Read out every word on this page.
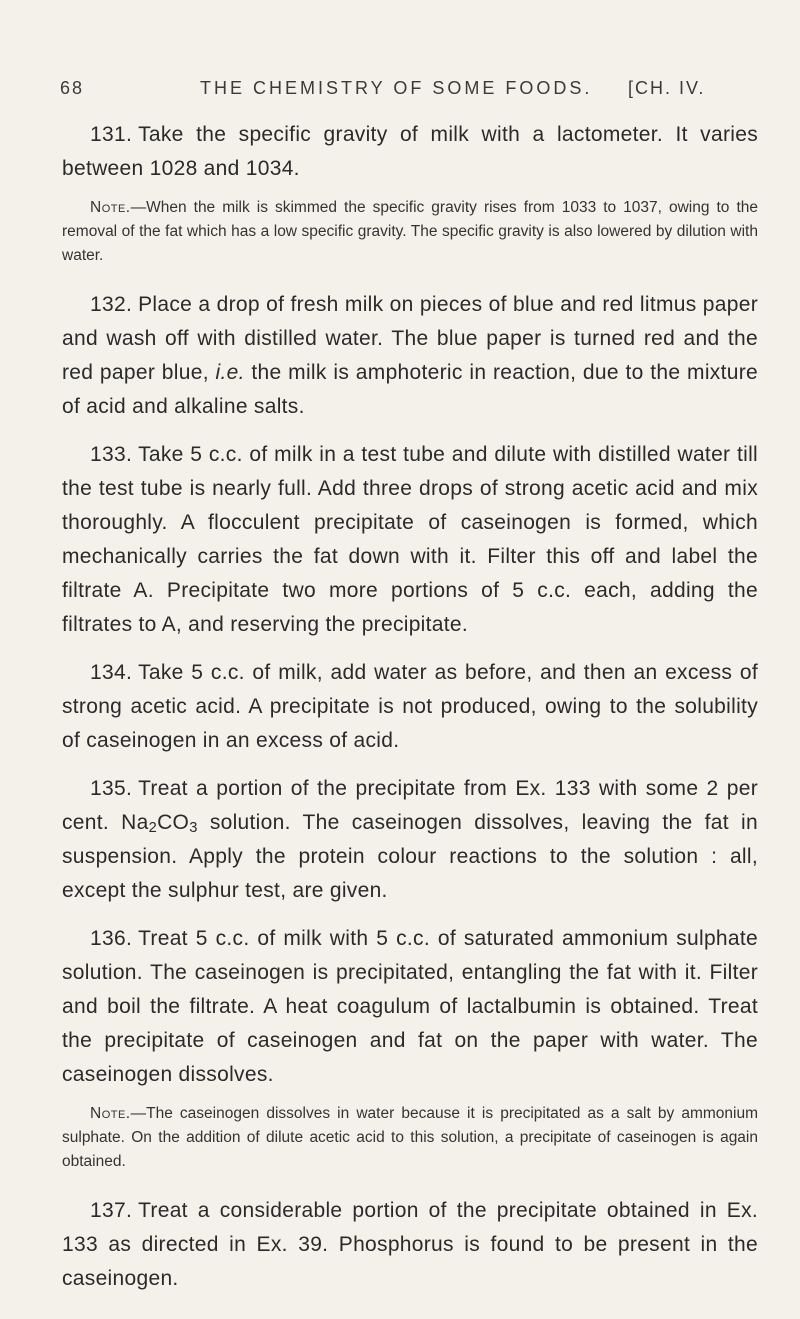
68	THE CHEMISTRY OF SOME FOODS. [CH. IV.

131. Take the specific gravity of milk with a lactometer. It varies between 1028 and 1034.

Note.—When the milk is skimmed the specific gravity rises from 1033 to 1037, owing to the removal of the fat which has a low specific gravity. The specific gravity is also lowered by dilution with water.

132. Place a drop of fresh milk on pieces of blue and red litmus paper and wash off with distilled water. The blue paper is turned red and the red paper blue, i.e. the milk is amphoteric in reaction, due to the mixture of acid and alkaline salts.

133. Take 5 c.c. of milk in a test tube and dilute with distilled water till the test tube is nearly full. Add three drops of strong acetic acid and mix thoroughly. A flocculent precipitate of caseinogen is formed, which mechanically carries the fat down with it. Filter this off and label the filtrate A. Precipitate two more portions of 5 c.c. each, adding the filtrates to A, and reserving the precipitate.

134. Take 5 c.c. of milk, add water as before, and then an excess of strong acetic acid. A precipitate is not produced, owing to the solubility of caseinogen in an excess of acid.

135. Treat a portion of the precipitate from Ex. 133 with some 2 per cent. $Na_2CO_3$ solution. The caseinogen dissolves, leaving the fat in suspension. Apply the protein colour reactions to the solution : all, except the sulphur test, are given.

136. Treat 5 c.c. of milk with 5 c.c. of saturated ammonium sulphate solution. The caseinogen is precipitated, entangling the fat with it. Filter and boil the filtrate. A heat coagulum of lactalbumin is obtained. Treat the precipitate of caseinogen and fat on the paper with water. The caseinogen dissolves.

Note.—The caseinogen dissolves in water because it is precipitated as a salt by ammonium sulphate. On the addition of dilute acetic acid to this solution, a precipitate of caseinogen is again obtained.

137. Treat a considerable portion of the precipitate obtained in Ex. 133 as directed in Ex. 39. Phosphorus is found to be present in the caseinogen.
